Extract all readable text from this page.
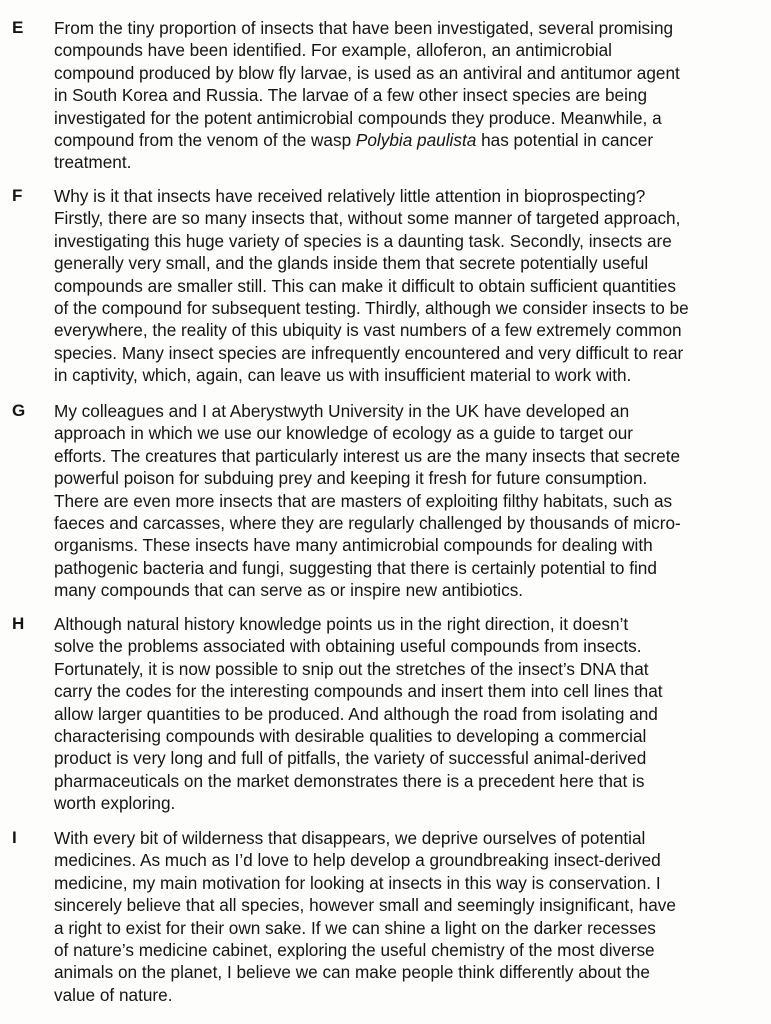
E From the tiny proportion of insects that have been investigated, several promising
compounds have been identified. For example, alloferon, an antimicrobial
compound produced by blow fly larvae, is used as an antiviral and antitumor agent
in South Korea and Russia. The larvae of a few other insect species are being
investigated for the potent antimicrobial compounds they produce. Meanwhile, a
compound from the venom of the wasp Polybia paulista has potential in cancer
treatment.
F Why is it that insects have received relatively little attention in bioprospecting?
Firstly, there are so many insects that, without some manner of targeted approach,
investigating this huge variety of species is a daunting task. Secondly, insects are
generally very small, and the glands inside them that secrete potentially useful
compounds are smaller still. This can make it difficult to obtain sufficient quantities
of the compound for subsequent testing. Thirdly, although we consider insects to be
everywhere, the reality of this ubiquity is vast numbers of a few extremely common
species. Many insect species are infrequently encountered and very difficult to rear
in captivity, which, again, can leave us with insufficient material to work with.
G My colleagues and I at Aberystwyth University in the UK have developed an
approach in which we use our knowledge of ecology as a guide to target our
efforts. The creatures that particularly interest us are the many insects that secrete
powerful poison for subduing prey and keeping it fresh for future consumption.
There are even more insects that are masters of exploiting filthy habitats, such as
faeces and carcasses, where they are regularly challenged by thousands of micro-
organisms. These insects have many antimicrobial compounds for dealing with
pathogenic bacteria and fungi, suggesting that there is certainly potential to find
many compounds that can serve as or inspire new antibiotics.
H Although natural history knowledge points us in the right direction, it doesn’t
solve the problems associated with obtaining useful compounds from insects.
Fortunately, it is now possible to snip out the stretches of the insect’s DNA that
carry the codes for the interesting compounds and insert them into cell lines that
allow larger quantities to be produced. And although the road from isolating and
characterising compounds with desirable qualities to developing a commercial
product is very long and full of pitfalls, the variety of successful animal-derived
pharmaceuticals on the market demonstrates there is a precedent here that is
worth exploring.
I With every bit of wilderness that disappears, we deprive ourselves of potential
medicines. As much as I’d love to help develop a groundbreaking insect-derived
medicine, my main motivation for looking at insects in this way is conservation. I
sincerely believe that all species, however small and seemingly insignificant, have
a right to exist for their own sake. If we can shine a light on the darker recesses
of nature’s medicine cabinet, exploring the useful chemistry of the most diverse
animals on the planet, I believe we can make people think differently about the
value of nature.
